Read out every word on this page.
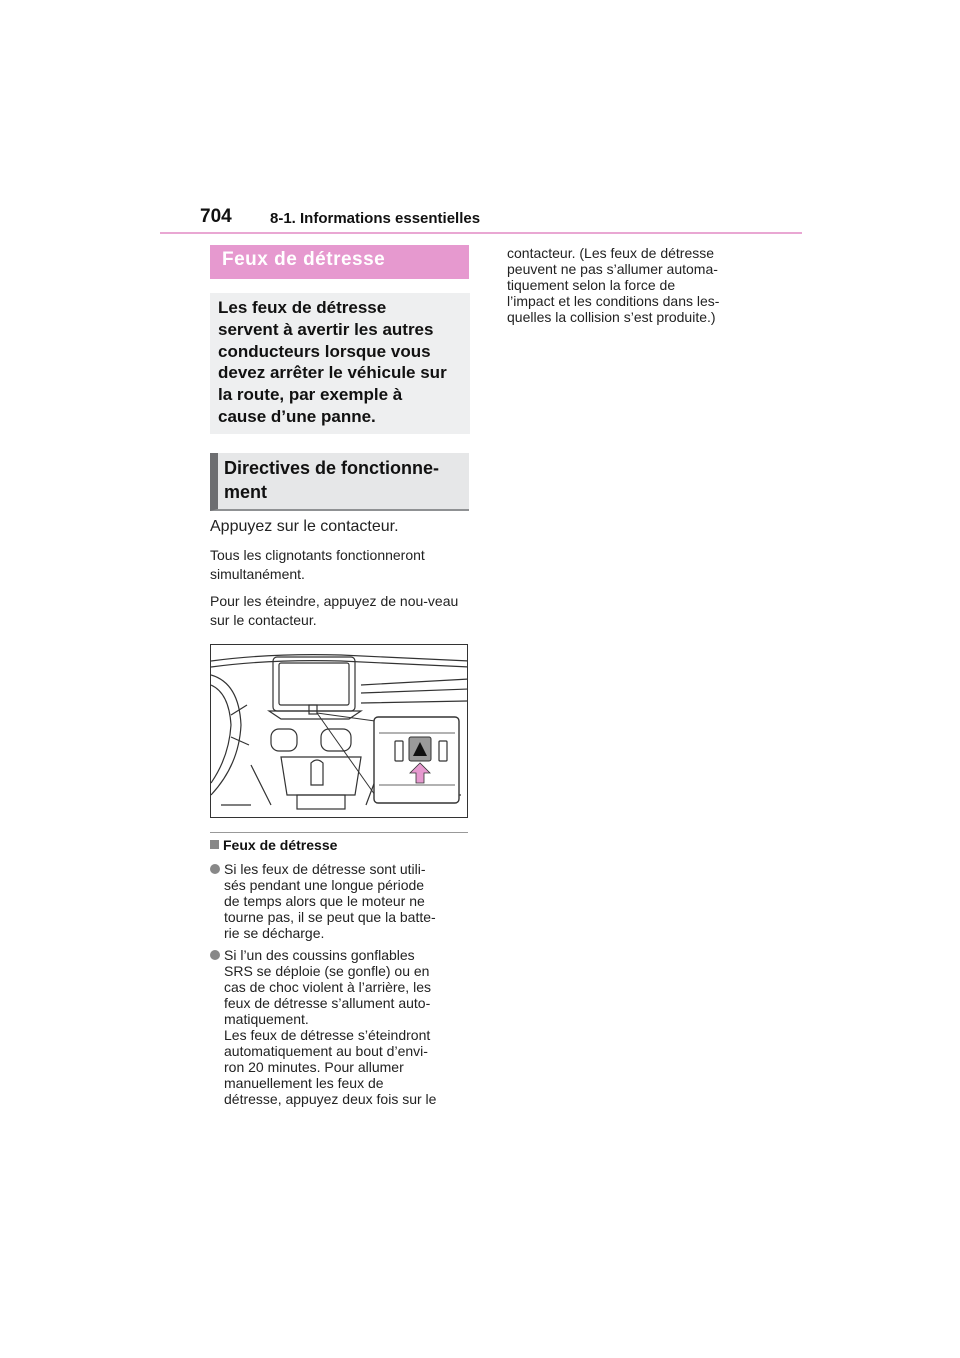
704	8-1. Informations essentielles
Feux de détresse
Les feux de détresse
servent à avertir les autres
conducteurs lorsque vous
devez arrêter le véhicule sur
la route, par exemple à
cause d’une panne.
Directives de fonctionne-
ment
Appuyez sur le contacteur.
Tous les clignotants fonctionneront simultanément.
Pour les éteindre, appuyez de nou-veau sur le contacteur.
Feux de détresse
Si les feux de détresse sont utili-
sés pendant une longue période
de temps alors que le moteur ne
tourne pas, il se peut que la batte-
rie se décharge.
Si l’un des coussins gonflables
SRS se déploie (se gonfle) ou en
cas de choc violent à l’arrière, les
feux de détresse s’allument auto-
matiquement.
Les feux de détresse s’éteindront
automatiquement au bout d’envi-
ron 20 minutes. Pour allumer
manuellement les feux de
détresse, appuyez deux fois sur le
contacteur. (Les feux de détresse
peuvent ne pas s’allumer automa-
tiquement selon la force de
l’impact et les conditions dans les-
quelles la collision s’est produite.)
